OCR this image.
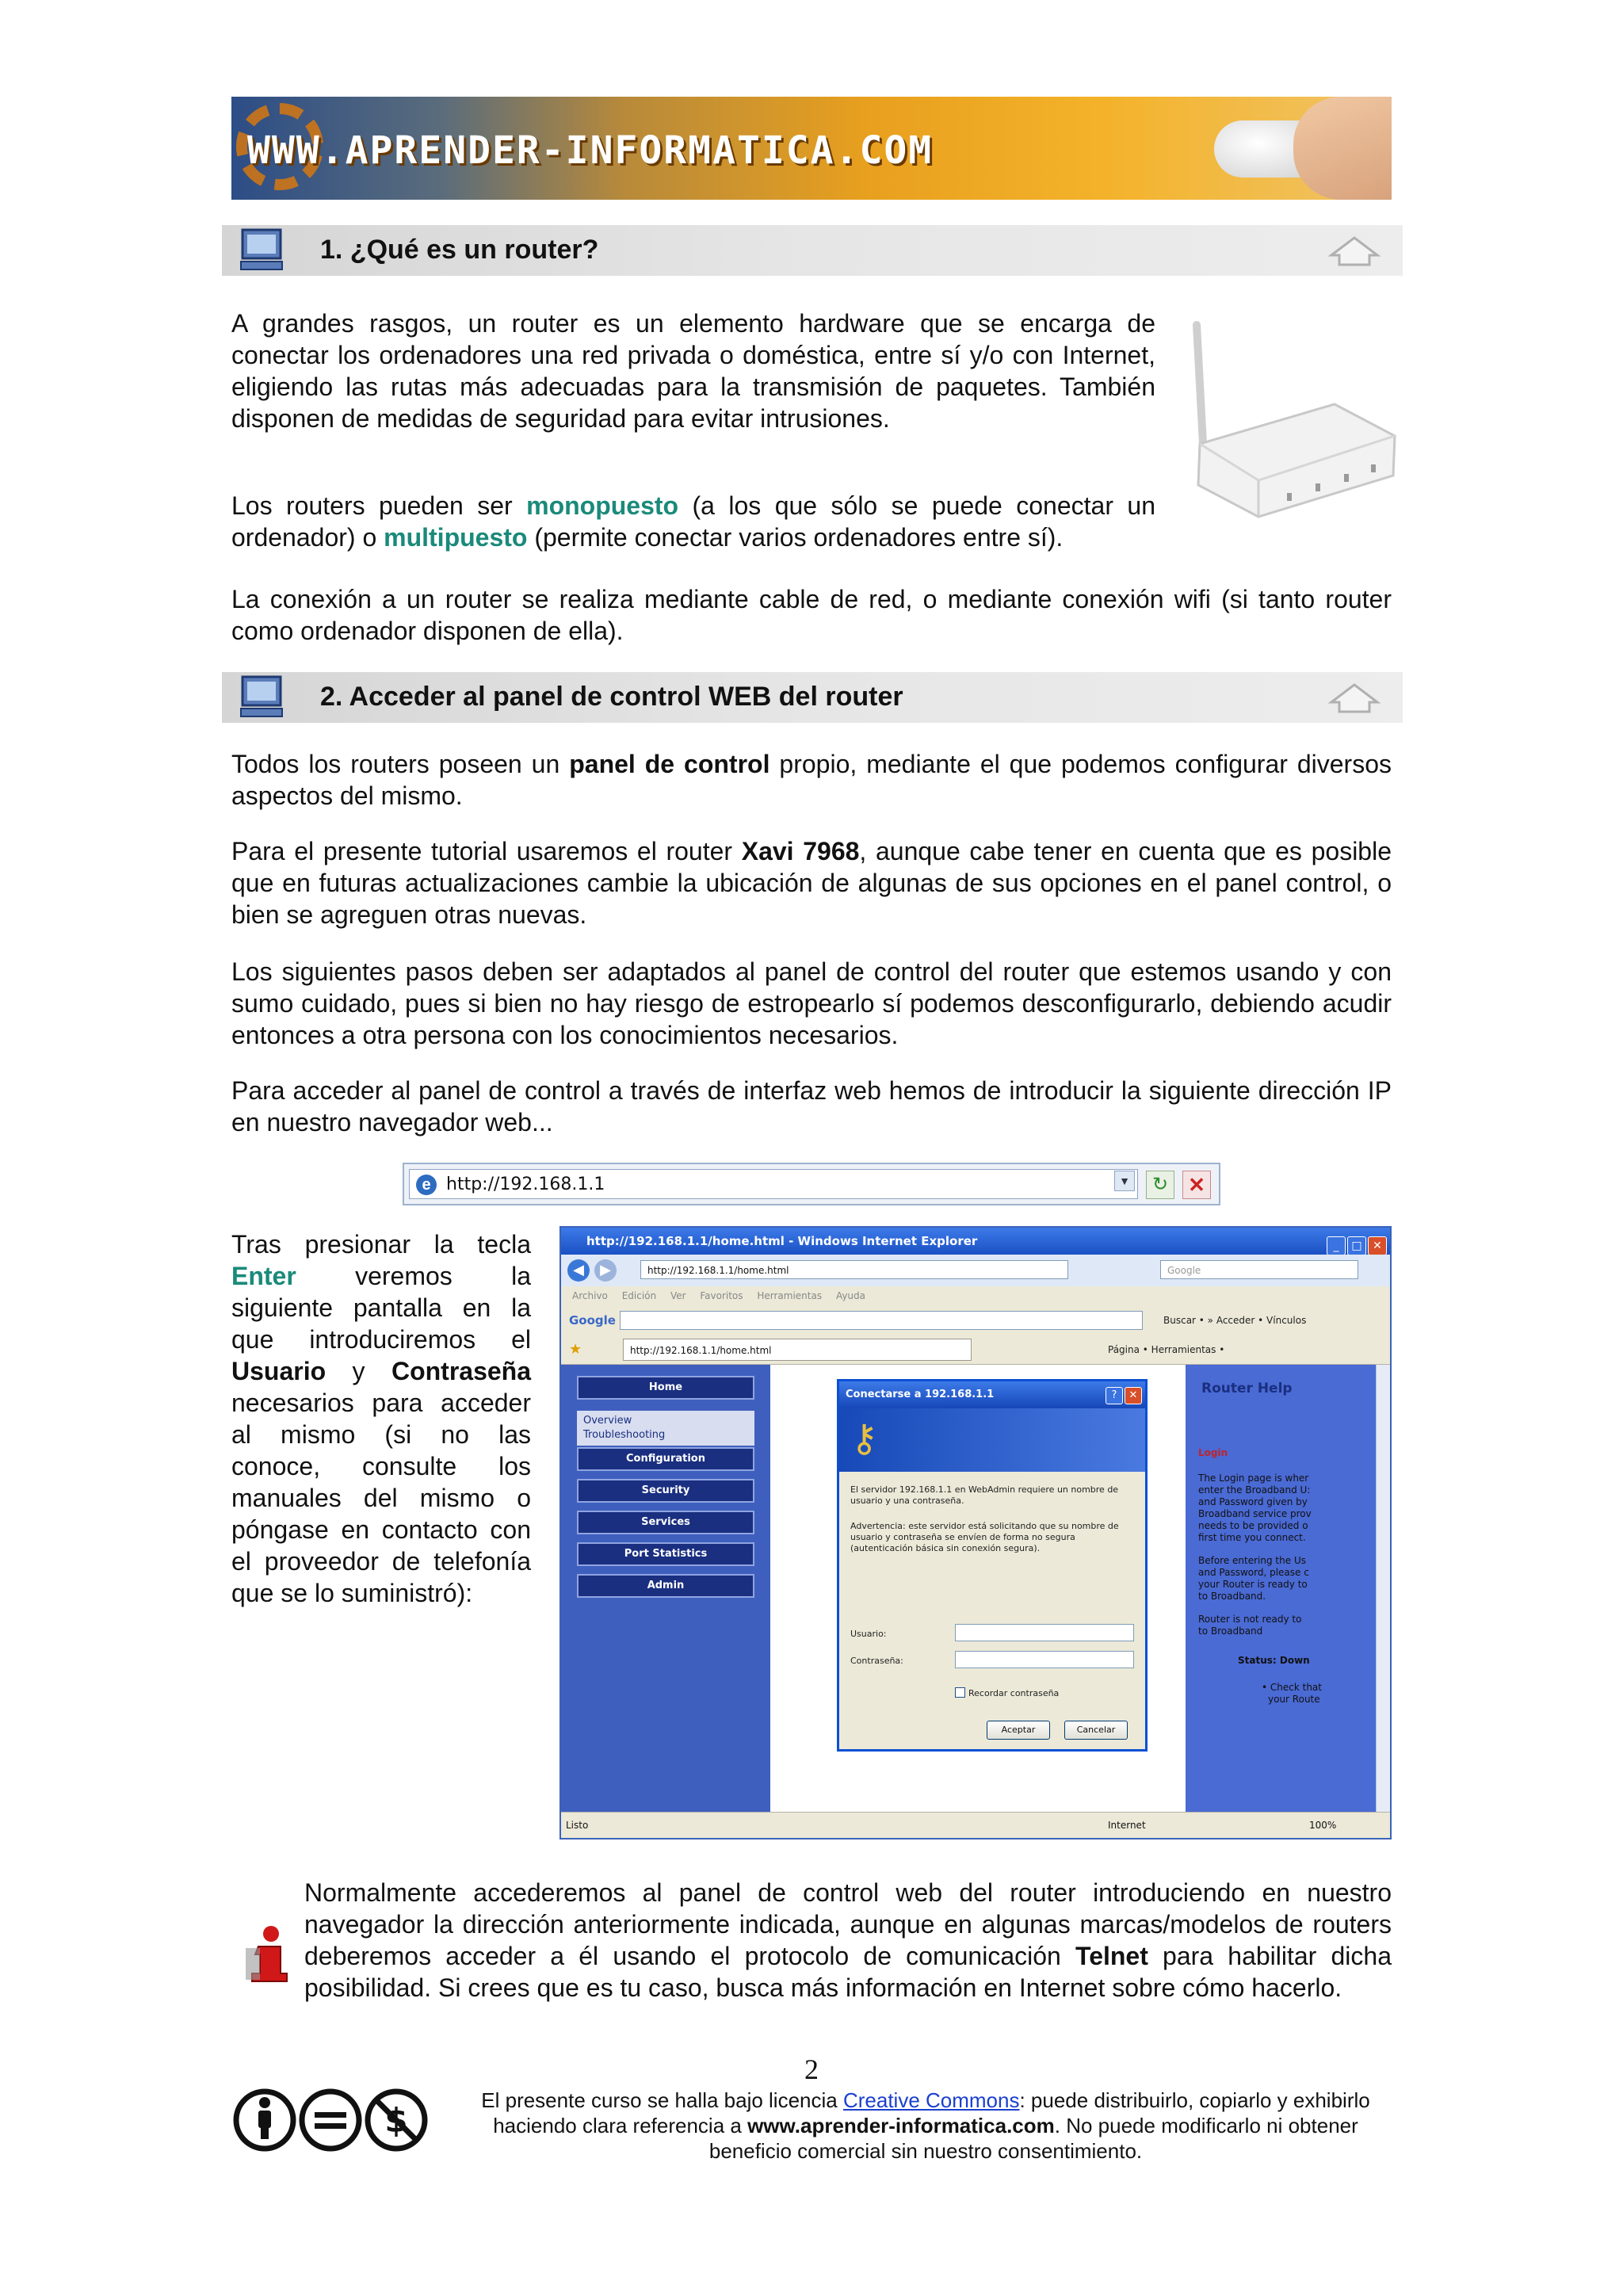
WWW.APRENDER-INFORMATICA.COM
1. ¿Qué es un router?

A grandes rasgos, un router es un elemento hardware que se encarga de conectar los ordenadores una red privada o doméstica, entre sí y/o con Internet, eligiendo las rutas más adecuadas para la transmisión de paquetes. También disponen de medidas de seguridad para evitar intrusiones.

Los routers pueden ser monopuesto (a los que sólo se puede conectar un ordenador) o multipuesto (permite conectar varios ordenadores entre sí).

La conexión a un router se realiza mediante cable de red, o mediante conexión wifi (si tanto router como ordenador disponen de ella).

2. Acceder al panel de control WEB del router

Todos los routers poseen un panel de control propio, mediante el que podemos configurar diversos aspectos del mismo.

Para el presente tutorial usaremos el router Xavi 7968, aunque cabe tener en cuenta que es posible que en futuras actualizaciones cambie la ubicación de algunas de sus opciones en el panel control, o bien se agreguen otras nuevas.

Los siguientes pasos deben ser adaptados al panel de control del router que estemos usando y con sumo cuidado, pues si bien no hay riesgo de estropearlo sí podemos desconfigurarlo, debiendo acudir entonces a otra persona con los conocimientos necesarios.

Para acceder al panel de control a través de interfaz web hemos de introducir la siguiente dirección IP en nuestro navegador web...

e http://192.168.1.1	▼	↻ ✕

Tras presionar la tecla Enter veremos la siguiente pantalla en la que introduciremos el Usuario y Contraseña necesarios para acceder al mismo (si no las conoce, consulte los manuales del mismo o póngase en contacto con el proveedor de telefonía que se lo suministró):

http://192.168.1.1/home.html - Windows Internet Explorer	_ □ ✕
◀	▶	http://192.168.1.1/home.html	Google
Archivo Edición Ver Favoritos Herramientas Ayuda
Google	Buscar • » Acceder • Vínculos
★	http://192.168.1.1/home.html	Página • Herramientas •
Home
Overview
Troubleshooting
Configuration
Security
Services
Port Statistics
Admin
Conectarse a 192.168.1.1	? ✕
⚷
El servidor 192.168.1.1 en WebAdmin requiere un nombre de usuario y una contraseña.
Advertencia: este servidor está solicitando que su nombre de usuario y contraseña se envíen de forma no segura (autenticación básica sin conexión segura).
Usuario:
Contraseña:
Recordar contraseña
Aceptar	Cancelar
Router Help
Login
The Login page is wher
enter the Broadband U:
and Password given by
Broadband service prov
needs to be provided o
first time you connect.
Before entering the Us
and Password, please c
your Router is ready to
to Broadband.
Router is not ready to
to Broadband
Status: Down
• Check that
your Route
Listo	Internet	100%

Normalmente accederemos al panel de control web del router introduciendo en nuestro navegador la dirección anteriormente indicada, aunque en algunas marcas/modelos de routers deberemos acceder a él usando el protocolo de comunicación Telnet para habilitar dicha posibilidad. Si crees que es tu caso, busca más información en Internet sobre cómo hacerlo.

2
$
El presente curso se halla bajo licencia Creative Commons: puede distribuirlo, copiarlo y exhibirlo haciendo clara referencia a www.aprender-informatica.com. No puede modificarlo ni obtener beneficio comercial sin nuestro consentimiento.
